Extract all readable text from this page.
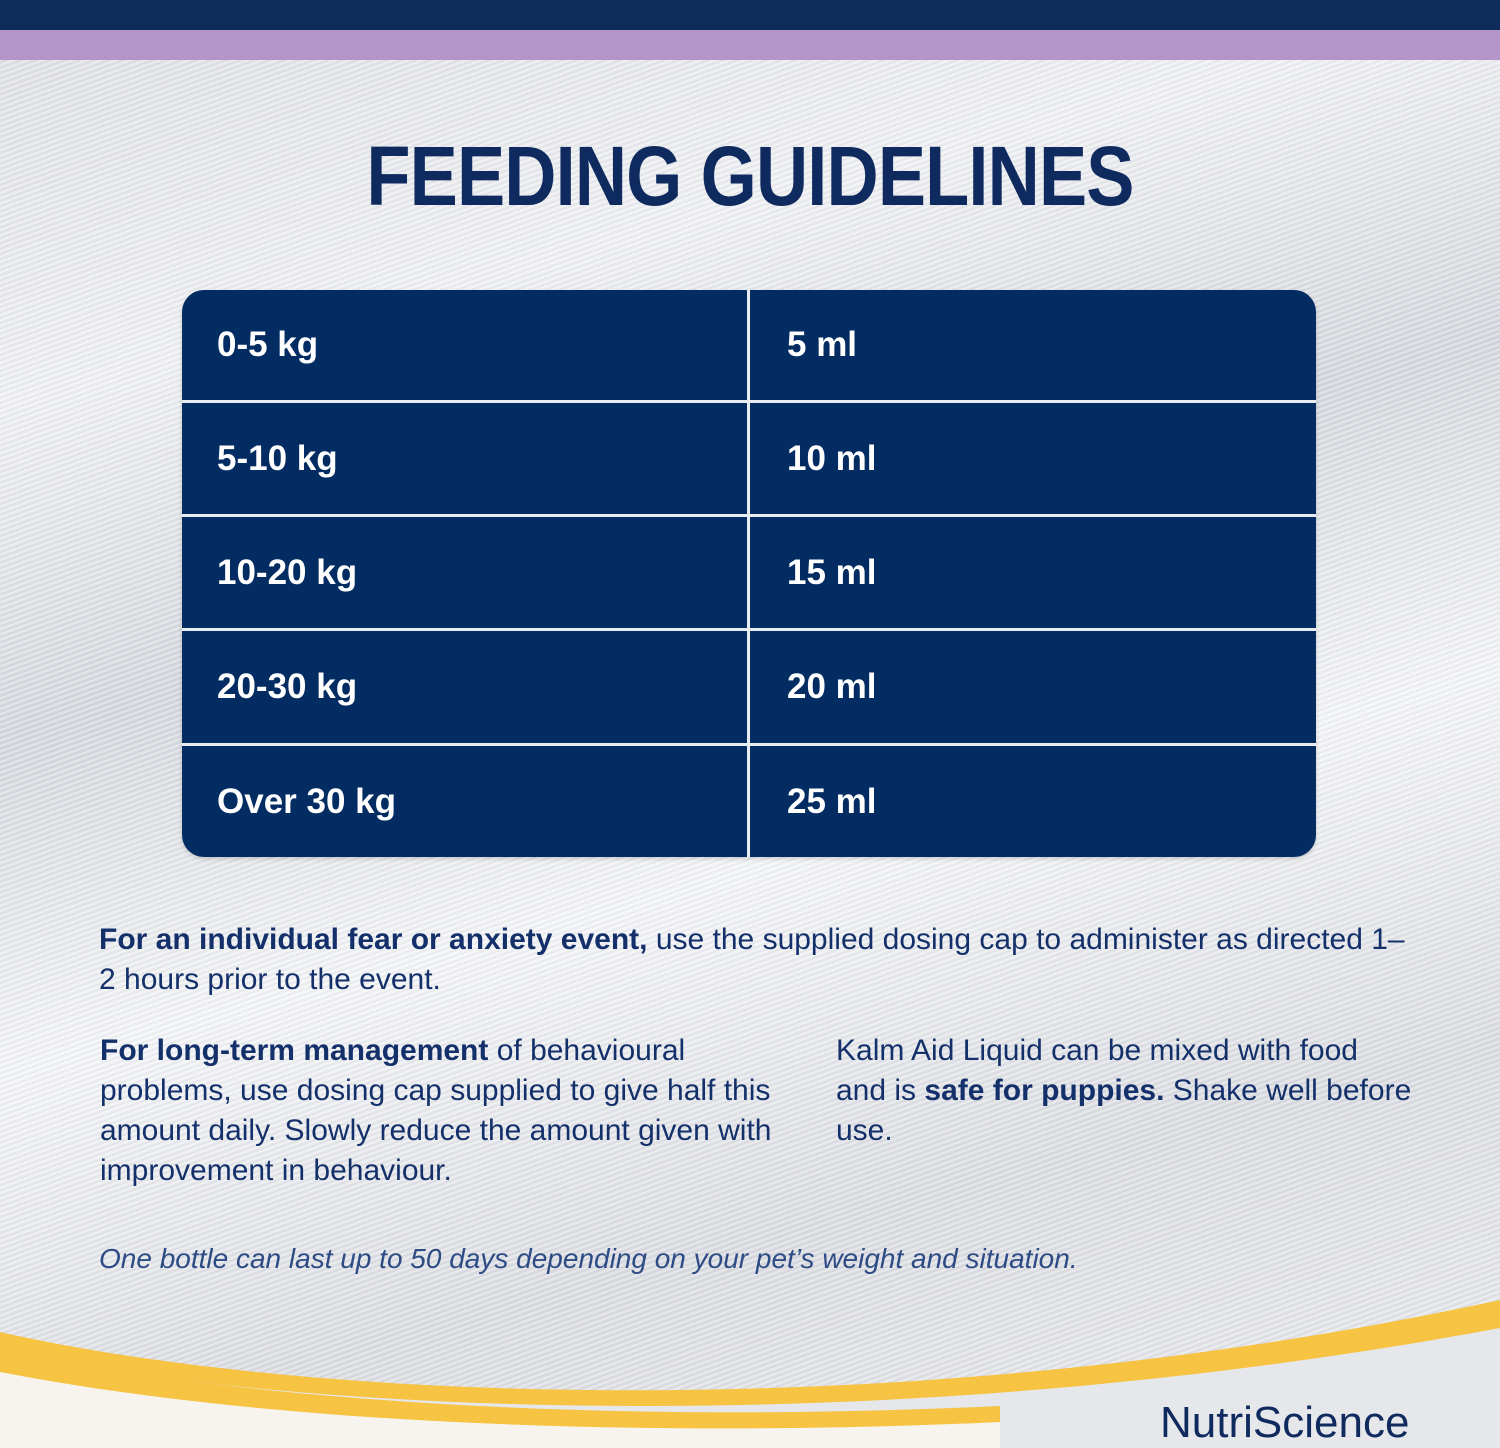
FEEDING GUIDELINES
0-5 kg	5 ml
5-10 kg	10 ml
10-20 kg	15 ml
20-30 kg	20 ml
Over 30 kg	25 ml
For an individual fear or anxiety event, use the supplied dosing cap to administer as directed 1–2 hours prior to the event.
For long-term management of behavioural problems, use dosing cap supplied to give half this amount daily. Slowly reduce the amount given with improvement in behaviour.
Kalm Aid Liquid can be mixed with food and is safe for puppies. Shake well before use.
One bottle can last up to 50 days depending on your pet’s weight and situation.
NutriScience
